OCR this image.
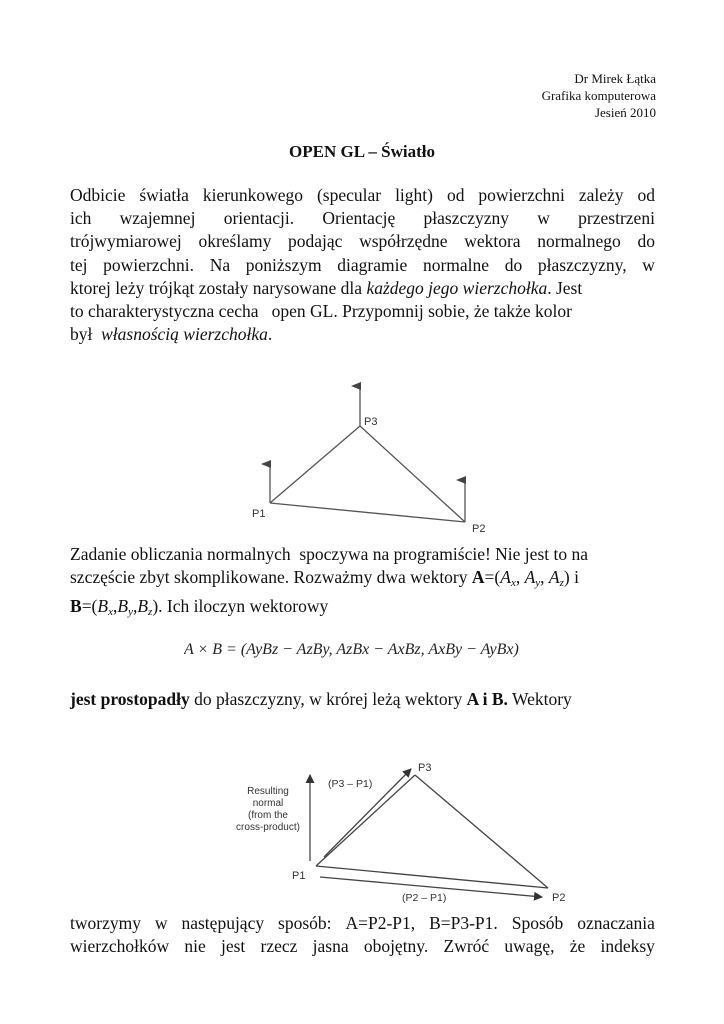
Dr Mirek Łątka
Grafika komputerowa
Jesień 2010
OPEN GL – Światło
Odbicie światła kierunkowego (specular light) od powierzchni zależy od
ich wzajemnej orientacji. Orientację płaszczyzny w przestrzeni
trójwymiarowej określamy podając współrzędne wektora normalnego do
tej powierzchni. Na poniższym diagramie normalne do płaszczyzny, w
ktorej leży trójkąt zostały narysowane dla każdego jego wierzchołka. Jest
to charakterystyczna cecha   open GL. Przypomnij sobie, że także kolor
był  własnością wierzchołka.
P3
P1
P2
Zadanie obliczania normalnych  spoczywa na programiście! Nie jest to na
szczęście zbyt skomplikowane. Rozważmy dwa wektory $A=(A_x$, $A_y$, $A_z$) i
$B=(B_x,B_y,B_z)$. Ich iloczyn wektorowy
A × B = (AyBz − AzBy, AzBx − AxBz, AxBy − AyBx)
jest prostopadły do płaszczyzny, w krórej leżą wektory A i B. Wektory
P3
P1
P2
(P3 – P1)
(P2 – P1)
Resulting
normal
(from the
cross-product)
tworzymy w następujący sposób: A=P2-P1, B=P3-P1. Sposób oznaczania
wierzchołków nie jest rzecz jasna obojętny. Zwróć uwagę, że indeksy
